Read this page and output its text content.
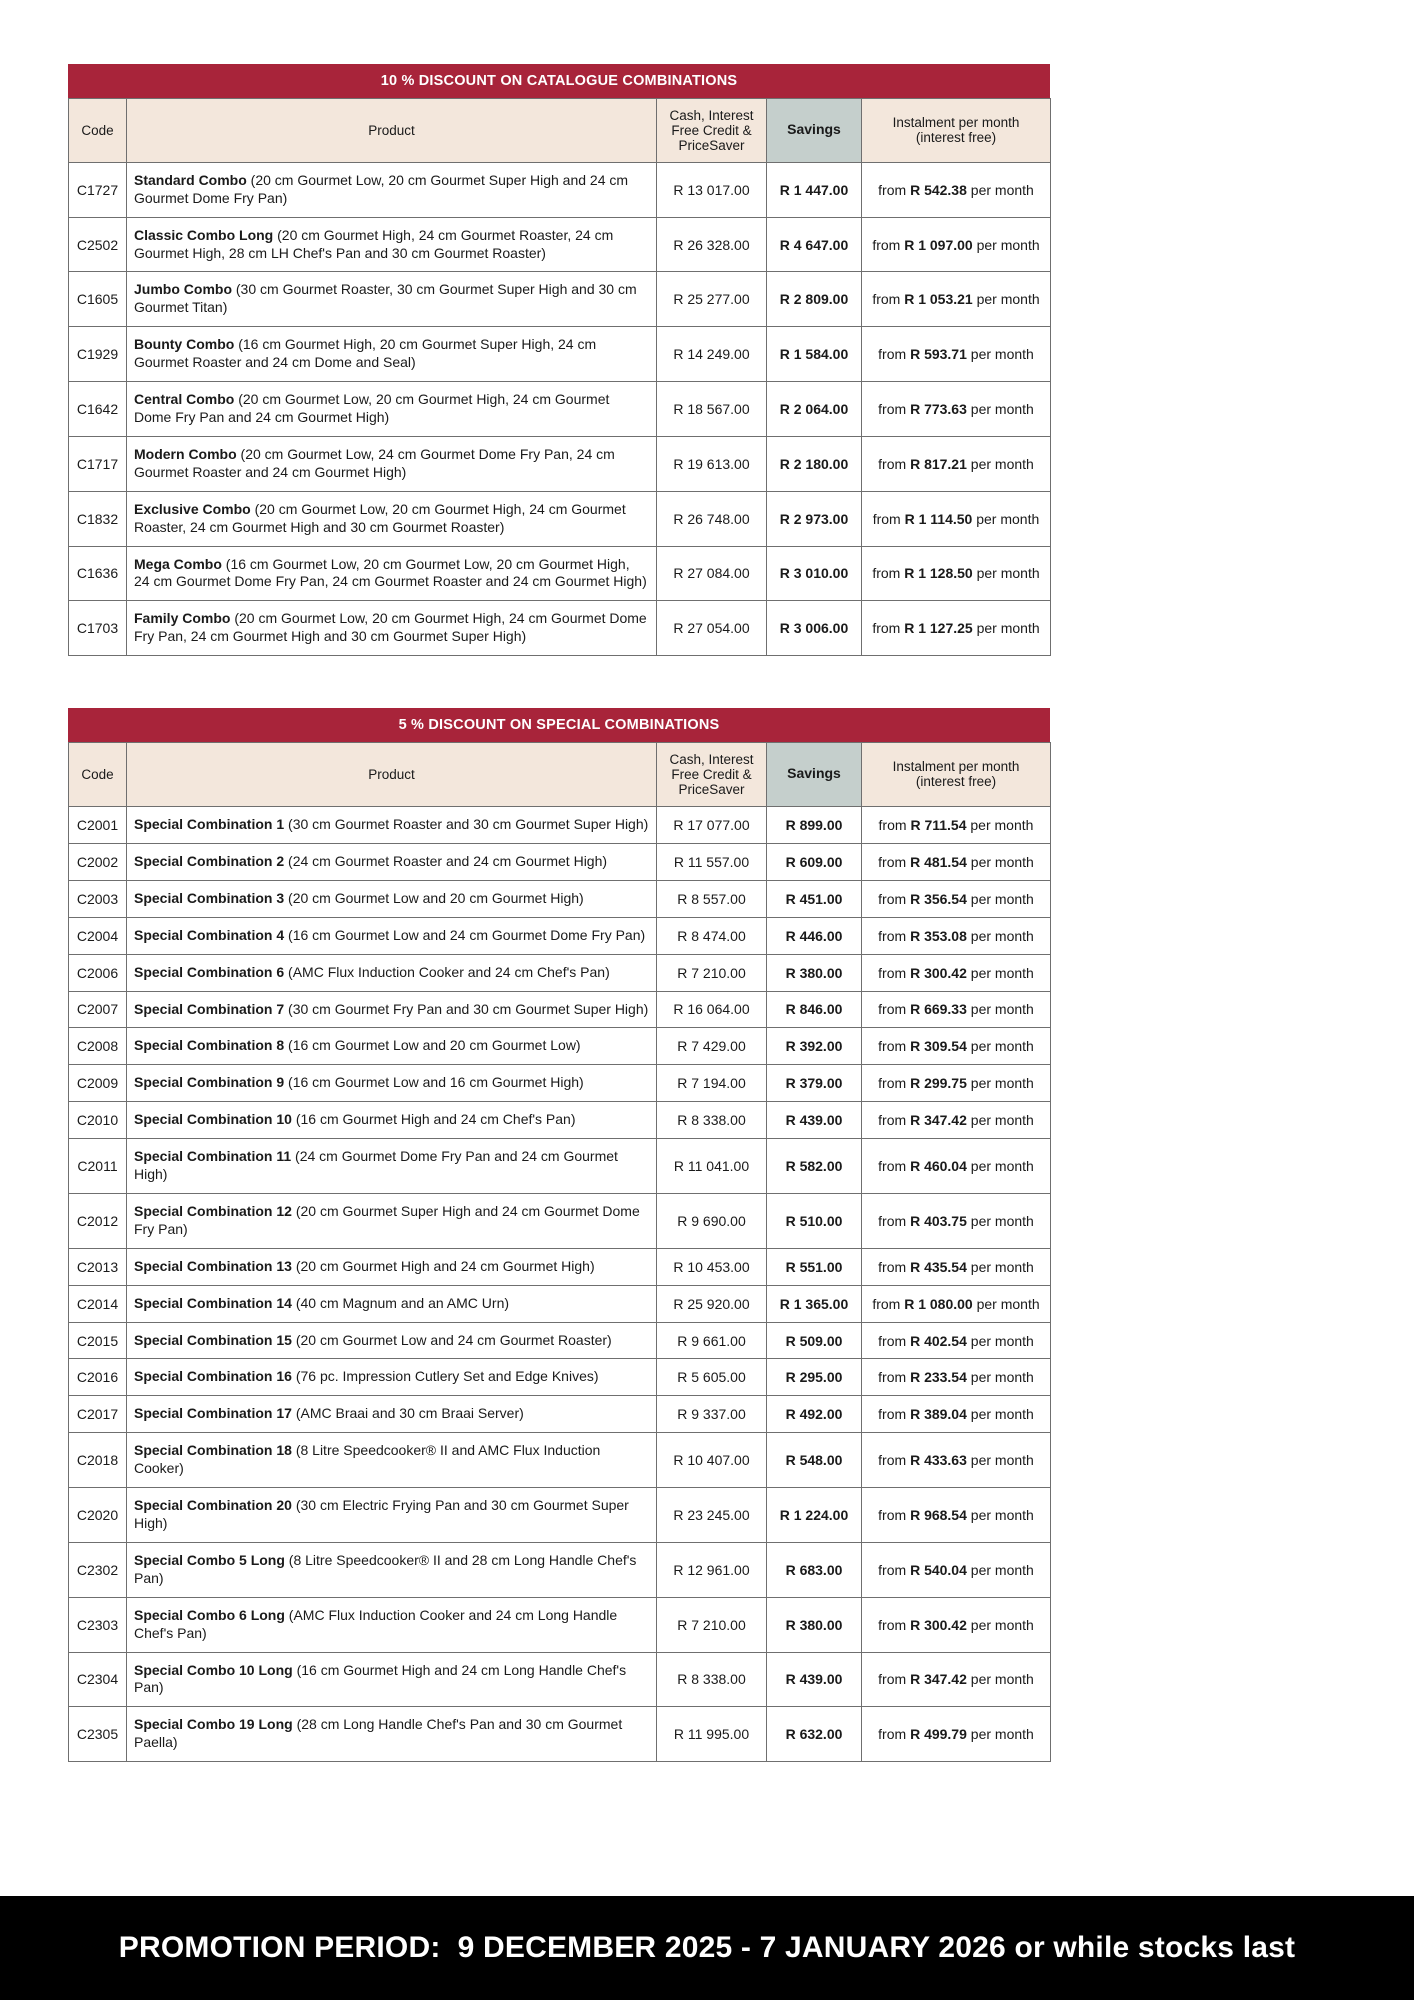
10 % DISCOUNT ON CATALOGUE COMBINATIONS
Code	Product	Cash, Interest
Free Credit &
PriceSaver	Savings	Instalment per month
(interest free)
C1727	Standard Combo (20 cm Gourmet Low, 20 cm Gourmet Super High and 24 cm Gourmet Dome Fry Pan)	R 13 017.00	R 1 447.00	from R 542.38 per month
C2502	Classic Combo Long (20 cm Gourmet High, 24 cm Gourmet Roaster, 24 cm Gourmet High, 28 cm LH Chef's Pan and 30 cm Gourmet Roaster)	R 26 328.00	R 4 647.00	from R 1 097.00 per month
C1605	Jumbo Combo (30 cm Gourmet Roaster, 30 cm Gourmet Super High and 30 cm Gourmet Titan)	R 25 277.00	R 2 809.00	from R 1 053.21 per month
C1929	Bounty Combo (16 cm Gourmet High, 20 cm Gourmet Super High, 24 cm Gourmet Roaster and 24 cm Dome and Seal)	R 14 249.00	R 1 584.00	from R 593.71 per month
C1642	Central Combo (20 cm Gourmet Low, 20 cm Gourmet High, 24 cm Gourmet Dome Fry Pan and 24 cm Gourmet High)	R 18 567.00	R 2 064.00	from R 773.63 per month
C1717	Modern Combo (20 cm Gourmet Low, 24 cm Gourmet Dome Fry Pan, 24 cm Gourmet Roaster and 24 cm Gourmet High)	R 19 613.00	R 2 180.00	from R 817.21 per month
C1832	Exclusive Combo (20 cm Gourmet Low, 20 cm Gourmet High, 24 cm Gourmet Roaster, 24 cm Gourmet High and 30 cm Gourmet Roaster)	R 26 748.00	R 2 973.00	from R 1 114.50 per month
C1636	Mega Combo (16 cm Gourmet Low, 20 cm Gourmet Low, 20 cm Gourmet High, 24 cm Gourmet Dome Fry Pan, 24 cm Gourmet Roaster and 24 cm Gourmet High)	R 27 084.00	R 3 010.00	from R 1 128.50 per month
C1703	Family Combo (20 cm Gourmet Low, 20 cm Gourmet High, 24 cm Gourmet Dome Fry Pan, 24 cm Gourmet High and 30 cm Gourmet Super High)	R 27 054.00	R 3 006.00	from R 1 127.25 per month
5 % DISCOUNT ON SPECIAL COMBINATIONS
Code	Product	Cash, Interest
Free Credit &
PriceSaver	Savings	Instalment per month
(interest free)
C2001	Special Combination 1 (30 cm Gourmet Roaster and 30 cm Gourmet Super High)	R 17 077.00	R 899.00	from R 711.54 per month
C2002	Special Combination 2 (24 cm Gourmet Roaster and 24 cm Gourmet High)	R 11 557.00	R 609.00	from R 481.54 per month
C2003	Special Combination 3 (20 cm Gourmet Low and 20 cm Gourmet High)	R 8 557.00	R 451.00	from R 356.54 per month
C2004	Special Combination 4 (16 cm Gourmet Low and 24 cm Gourmet Dome Fry Pan)	R 8 474.00	R 446.00	from R 353.08 per month
C2006	Special Combination 6 (AMC Flux Induction Cooker and 24 cm Chef's Pan)	R 7 210.00	R 380.00	from R 300.42 per month
C2007	Special Combination 7 (30 cm Gourmet Fry Pan and 30 cm Gourmet Super High)	R 16 064.00	R 846.00	from R 669.33 per month
C2008	Special Combination 8 (16 cm Gourmet Low and 20 cm Gourmet Low)	R 7 429.00	R 392.00	from R 309.54 per month
C2009	Special Combination 9 (16 cm Gourmet Low and 16 cm Gourmet High)	R 7 194.00	R 379.00	from R 299.75 per month
C2010	Special Combination 10 (16 cm Gourmet High and 24 cm Chef's Pan)	R 8 338.00	R 439.00	from R 347.42 per month
C2011	Special Combination 11 (24 cm Gourmet Dome Fry Pan and 24 cm Gourmet High)	R 11 041.00	R 582.00	from R 460.04 per month
C2012	Special Combination 12 (20 cm Gourmet Super High and 24 cm Gourmet Dome Fry Pan)	R 9 690.00	R 510.00	from R 403.75 per month
C2013	Special Combination 13 (20 cm Gourmet High and 24 cm Gourmet High)	R 10 453.00	R 551.00	from R 435.54 per month
C2014	Special Combination 14 (40 cm Magnum and an AMC Urn)	R 25 920.00	R 1 365.00	from R 1 080.00 per month
C2015	Special Combination 15 (20 cm Gourmet Low and 24 cm Gourmet Roaster)	R 9 661.00	R 509.00	from R 402.54 per month
C2016	Special Combination 16 (76 pc. Impression Cutlery Set and Edge Knives)	R 5 605.00	R 295.00	from R 233.54 per month
C2017	Special Combination 17 (AMC Braai and 30 cm Braai Server)	R 9 337.00	R 492.00	from R 389.04 per month
C2018	Special Combination 18 (8 Litre Speedcooker® II and AMC Flux Induction Cooker)	R 10 407.00	R 548.00	from R 433.63 per month
C2020	Special Combination 20 (30 cm Electric Frying Pan and 30 cm Gourmet Super High)	R 23 245.00	R 1 224.00	from R 968.54 per month
C2302	Special Combo 5 Long (8 Litre Speedcooker® II and 28 cm Long Handle Chef's Pan)	R 12 961.00	R 683.00	from R 540.04 per month
C2303	Special Combo 6 Long (AMC Flux Induction Cooker and 24 cm Long Handle Chef's Pan)	R 7 210.00	R 380.00	from R 300.42 per month
C2304	Special Combo 10 Long (16 cm Gourmet High and 24 cm Long Handle Chef's Pan)	R 8 338.00	R 439.00	from R 347.42 per month
C2305	Special Combo 19 Long (28 cm Long Handle Chef's Pan and 30 cm Gourmet Paella)	R 11 995.00	R 632.00	from R 499.79 per month
PROMOTION PERIOD: 9 DECEMBER 2025 - 7 JANUARY 2026 or while stocks last
